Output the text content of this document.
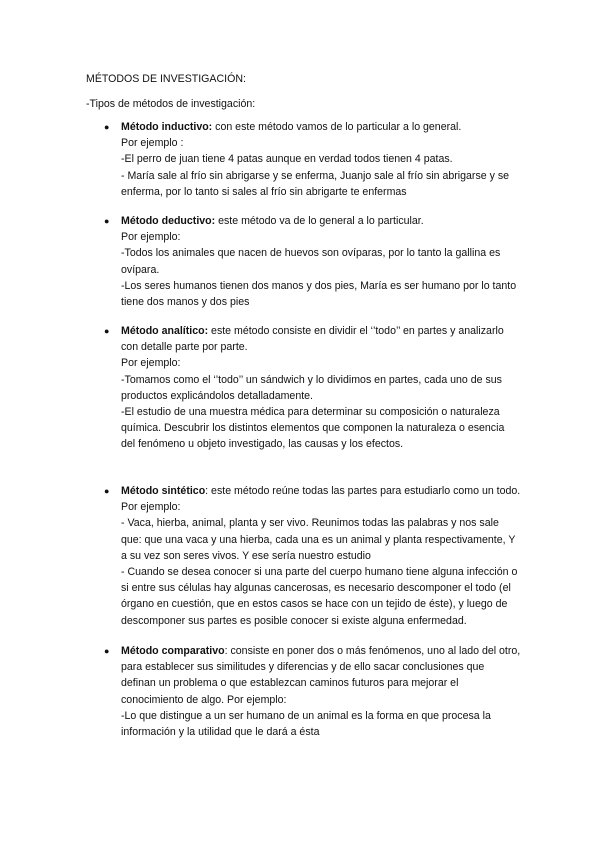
MÉTODOS DE INVESTIGACIÓN:

-Tipos de métodos de investigación:

● Método inductivo: con este método vamos de lo particular a lo general.

Por ejemplo :

-El perro de juan tiene 4 patas aunque en verdad todos tienen 4 patas.

- María sale al frío sin abrigarse y se enferma, Juanjo sale al frío sin abrigarse y se enferma, por lo tanto si sales al frío sin abrigarte te enfermas

● Método deductivo: este método va de lo general a lo particular.

Por ejemplo:

-Todos los animales que nacen de huevos son ovíparas, por lo tanto la gallina es ovípara.

-Los seres humanos tienen dos manos y dos pies, María es ser humano por lo tanto tiene dos manos y dos pies

● Método analítico: este método consiste en dividir el ‘’todo’’ en partes y analizarlo con detalle parte por parte.

Por ejemplo:

-Tomamos como el ‘’todo’’ un sándwich y lo dividimos en partes, cada uno de sus productos explicándolos detalladamente.

-El estudio de una muestra médica para determinar su composición o naturaleza química. Descubrir los distintos elementos que componen la naturaleza o esencia del fenómeno u objeto investigado, las causas y los efectos.

● Método sintético: este método reúne todas las partes para estudiarlo como un todo. Por ejemplo:

- Vaca, hierba, animal, planta y ser vivo. Reunimos todas las palabras y nos sale que: que una vaca y una hierba, cada una es un animal y planta respectivamente, Y a su vez son seres vivos. Y ese sería nuestro estudio

- Cuando se desea conocer si una parte del cuerpo humano tiene alguna infección o si entre sus células hay algunas cancerosas, es necesario descomponer el todo (el órgano en cuestión, que en estos casos se hace con un tejido de éste), y luego de descomponer sus partes es posible conocer si existe alguna enfermedad.

● Método comparativo: consiste en poner dos o más fenómenos, uno al lado del otro, para establecer sus similitudes y diferencias y de ello sacar conclusiones que definan un problema o que establezcan caminos futuros para mejorar el conocimiento de algo. Por ejemplo:

-Lo que distingue a un ser humano de un animal es la forma en que procesa la información y la utilidad que le dará a ésta
